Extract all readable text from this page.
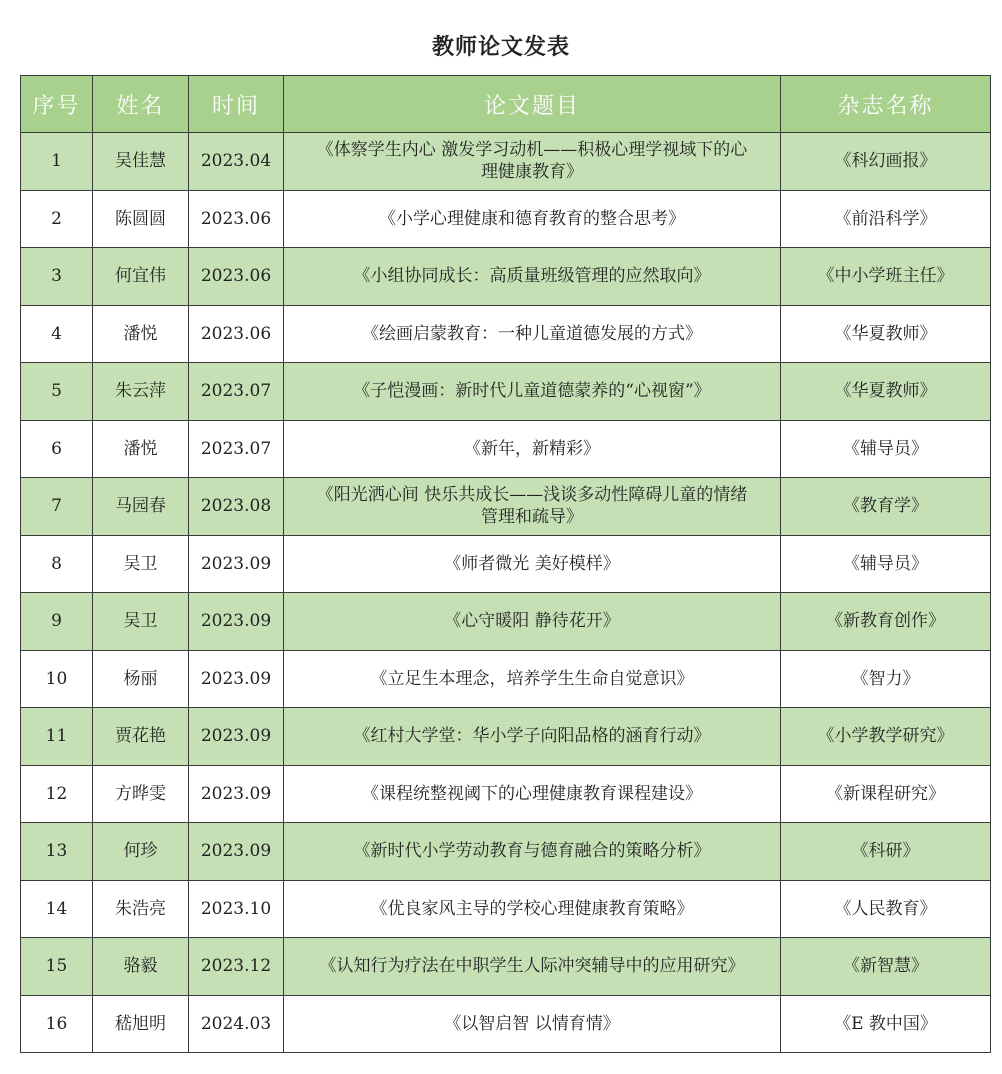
教师论文发表
序号	姓名	时间	论文题目	杂志名称
1	吴佳慧	2023.04	《体察学生内心 激发学习动机——积极心理学视域下的心理健康教育》	《科幻画报》
2	陈圆圆	2023.06	《小学心理健康和德育教育的整合思考》	《前沿科学》
3	何宜伟	2023.06	《小组协同成长：高质量班级管理的应然取向》	《中小学班主任》
4	潘悦	2023.06	《绘画启蒙教育：一种儿童道德发展的方式》	《华夏教师》
5	朱云萍	2023.07	《子恺漫画：新时代儿童道德蒙养的“心视窗”》	《华夏教师》
6	潘悦	2023.07	《新年，新精彩》	《辅导员》
7	马园春	2023.08	《阳光洒心间 快乐共成长——浅谈多动性障碍儿童的情绪管理和疏导》	《教育学》
8	吴卫	2023.09	《师者微光 美好模样》	《辅导员》
9	吴卫	2023.09	《心守暖阳 静待花开》	《新教育创作》
10	杨丽	2023.09	《立足生本理念，培养学生生命自觉意识》	《智力》
11	贾花艳	2023.09	《红村大学堂：华小学子向阳品格的涵育行动》	《小学教学研究》
12	方晔雯	2023.09	《课程统整视阈下的心理健康教育课程建设》	《新课程研究》
13	何珍	2023.09	《新时代小学劳动教育与德育融合的策略分析》	《科研》
14	朱浩亮	2023.10	《优良家风主导的学校心理健康教育策略》	《人民教育》
15	骆毅	2023.12	《认知行为疗法在中职学生人际冲突辅导中的应用研究》	《新智慧》
16	嵇旭明	2024.03	《以智启智 以情育情》	《E 教中国》
